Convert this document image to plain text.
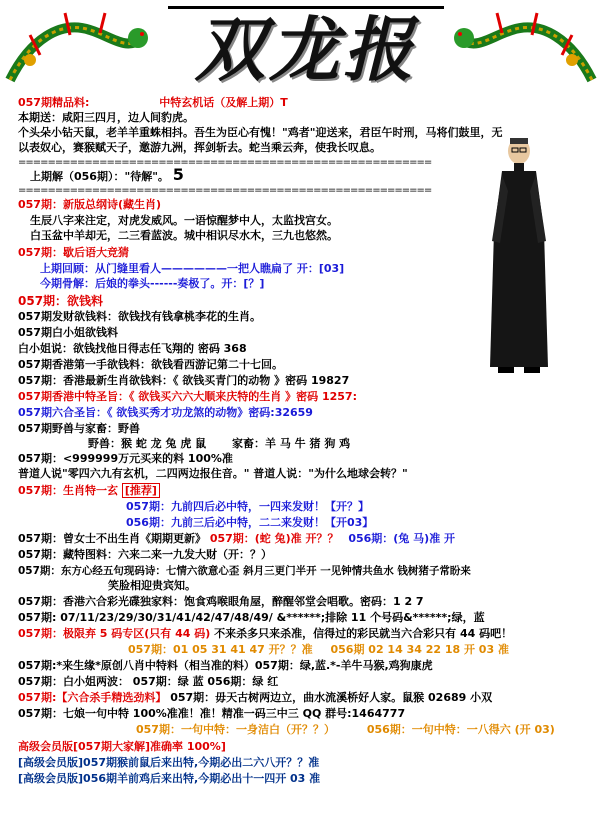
双龙报
057期精品料:	中特玄机话（及解上期）T
本期送：咸阳三四月，边人间豹虎。
个头朵小钻天鼠，老羊羊重蛛相抖。吾生为臣心有愧！"鸡者"迎送来，君臣午时刑，马将们鼓里，无
以表奴心，赛猴赋天子，邀游九洲，挥剑斩去。蛇当乘云奔，使我长叹息。
========================================================
上期解（056期）："待解"。 5
========================================================
057期：新版总纲诗(藏生肖)
生辰八字来注定，对虎发威风。一语惊醒梦中人，太监找宫女。
白玉盆中羊却无，二三看蓝波。城中相识尽水木，三九也悠然。
057期：歇后语大竞猜
上期回顾：从门缝里看人——————一把人瞧扁了 开：[03]
今期骨解：后娘的拳头------奏极了。开：[？]
057期：欲钱料
057期发财欲钱料：欲钱找有钱拿桃李花的生肖。
057期白小姐欲钱料
白小姐说：欲钱找他日得志任飞翔的 密码 368
057期香港第一手欲钱料：欲钱看西游记第二十七回。
057期：香港最新生肖欲钱料：《 欲钱买青门的动物 》密码 19827
057期香港中特圣旨：《 欲钱买六六大顺来庆特的生肖 》密码 1257:
057期六合圣旨：《 欲钱买秀才功龙煞的动物》密码:32659
057期野兽与家畜：野兽
野兽：猴 蛇 龙 兔 虎 鼠 家畜：羊 马 牛 猪 狗 鸡
057期：<999999万元买来的料 100%准
普道人说"零四六九有玄机，二四两边报住音。" 普道人说："为什么地球会转？"
057期：生肖特一玄 [推荐]
057期：九前四后必中特，一四来发财！【开？】
056期：九前三后必中特，二二来发财！【开03】
057期：曾女士不出生肖《期期更新》 057期：(蛇 兔)准 开？？ 056期：(兔 马)准 开
057期：藏特图料：六来二来一九发大财（开：？）
057期：东方心经五句现码诗：七情六欲意心歪 斜月三更门半开 一见钟情共鱼水 钱树猪子常盼来
笑脸相迎贵宾知。
057期：香港六合彩光碟独家料：饱食鸡喉眼角屋，醉醒邻堂会唱歌。密码：1 2 7
057期: 07/11/23/29/30/31/41/42/47/48/49/ &******;排除 11 个号码&******;绿，蓝
057期：极限弃 5 码专区(只有 44 码) 不来杀多只来杀准，信得过的彩民就当六合彩只有 44 码吧！
057期：01 05 31 41 47 开？？准 056期 02 14 34 22 18 开 03 准
057期:*来生缘*原创八肖中特料（相当准的料）057期：绿,蓝.*-羊牛马猴,鸡狗康虎
057期：白小姐两波： 057期：绿 蓝 056期：绿 红
057期:【六合杀手精选劲料】 057期：毋天古树两边立，曲水流溪桥好人家。鼠猴 02689 小双
057期：七娘一句中特 100%准准！准！精准一码三中三 QQ 群号:1464777
057期：一句中特：一身洁白（开？？）	056期：一句中特：一八得六 (开 03)
高级会员版[057期大家解]准确率 100%]
[高级会员版]057期猴前鼠后来出特,今期必出二六八开？？准
[高级会员版]056期羊前鸡后来出特,今期必出十一四开 03 准
